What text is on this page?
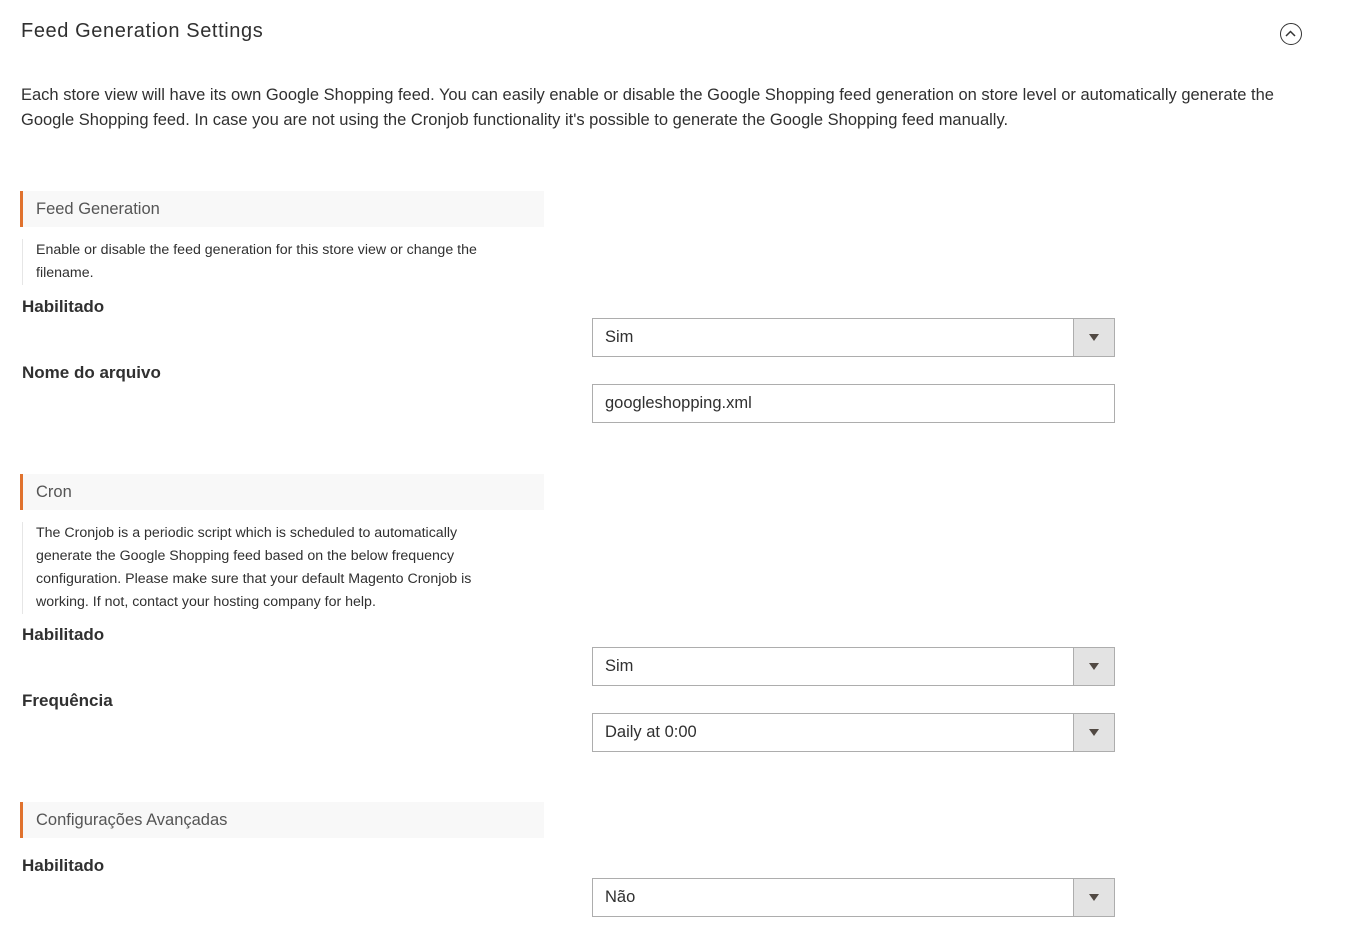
Feed Generation Settings

Each store view will have its own Google Shopping feed. You can easily enable or disable the Google Shopping feed generation on store level or automatically generate the Google Shopping feed. In case you are not using the Cronjob functionality it's possible to generate the Google Shopping feed manually.

Feed Generation
Enable or disable the feed generation for this store view or change the filename.
Habilitado
Sim
Nome do arquivo
googleshopping.xml
Cron
The Cronjob is a periodic script which is scheduled to automatically generate the Google Shopping feed based on the below frequency configuration. Please make sure that your default Magento Cronjob is working. If not, contact your hosting company for help.
Habilitado
Sim
Frequência
Daily at 0:00
Configurações Avançadas
Habilitado
Não
